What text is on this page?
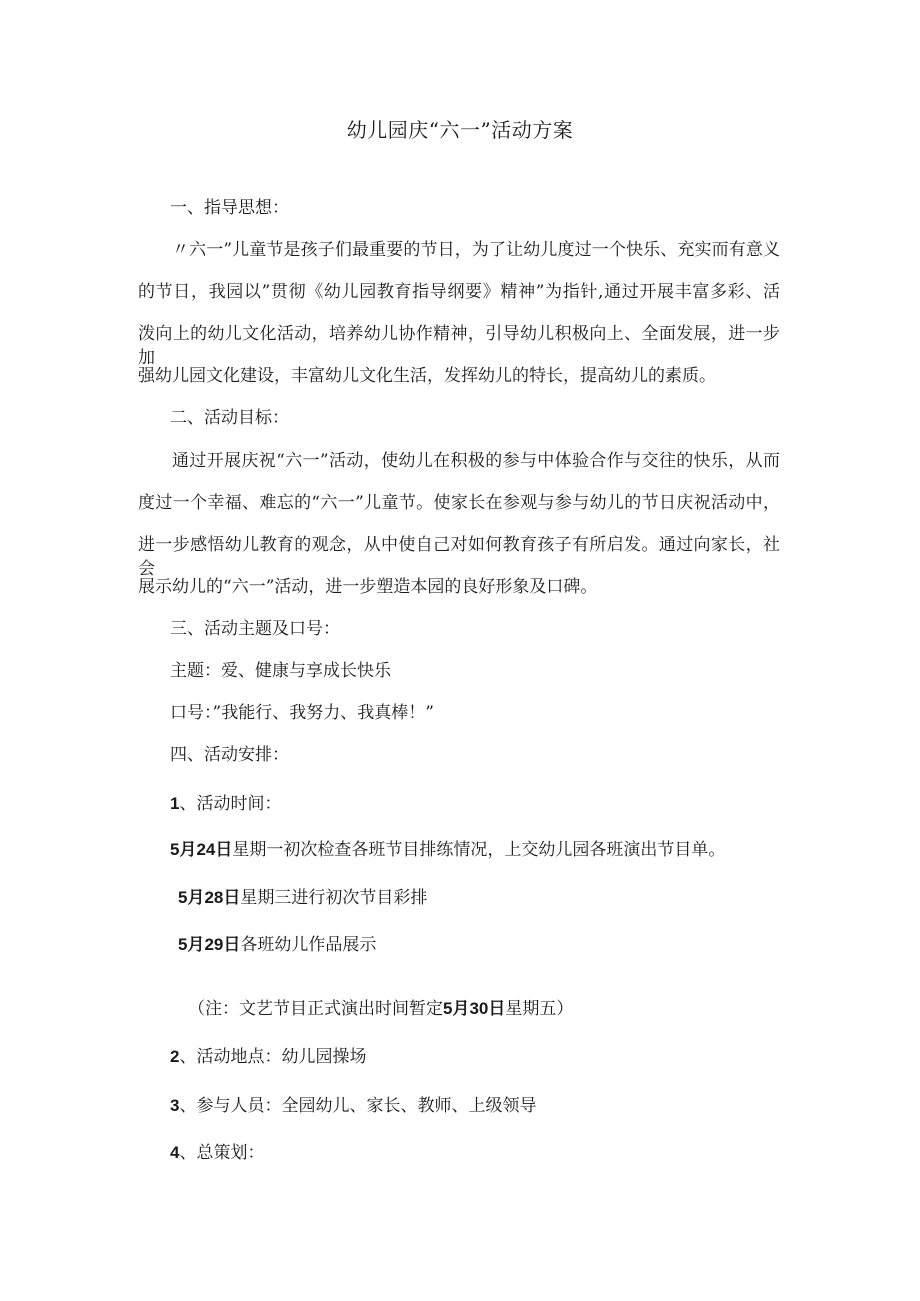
幼儿园庆“六一”活动方案

一、指导思想：

〃六一”儿童节是孩子们最重要的节日，为了让幼儿度过一个快乐、充实而有意义

的节日，我园以”贯彻《幼儿园教育指导纲要》精神”为指针,通过开展丰富多彩、活

泼向上的幼儿文化活动，培养幼儿协作精神，引导幼儿积极向上、全面发展，进一步加

强幼儿园文化建设，丰富幼儿文化生活，发挥幼儿的特长，提高幼儿的素质。

二、活动目标：

通过开展庆祝“六一”活动，使幼儿在积极的参与中体验合作与交往的快乐，从而

度过一个幸福、难忘的“六一”儿童节。使家长在参观与参与幼儿的节日庆祝活动中，

进一步感悟幼儿教育的观念，从中使自己对如何教育孩子有所启发。通过向家长，社会

展示幼儿的“六一”活动，进一步塑造本园的良好形象及口碑。

三、活动主题及口号：

主题：爱、健康与享成长快乐

口号：”我能行、我努力、我真棒！”

四、活动安排：

1、活动时间：

5月24日星期一初次检查各班节目排练情况，上交幼儿园各班演出节目单。

5月28日星期三进行初次节目彩排

5月29日各班幼儿作品展示

（注：文艺节目正式演出时间暂定5月30日星期五）

2、活动地点：幼儿园操场

3、参与人员：全园幼儿、家长、教师、上级领导

4、总策划：
